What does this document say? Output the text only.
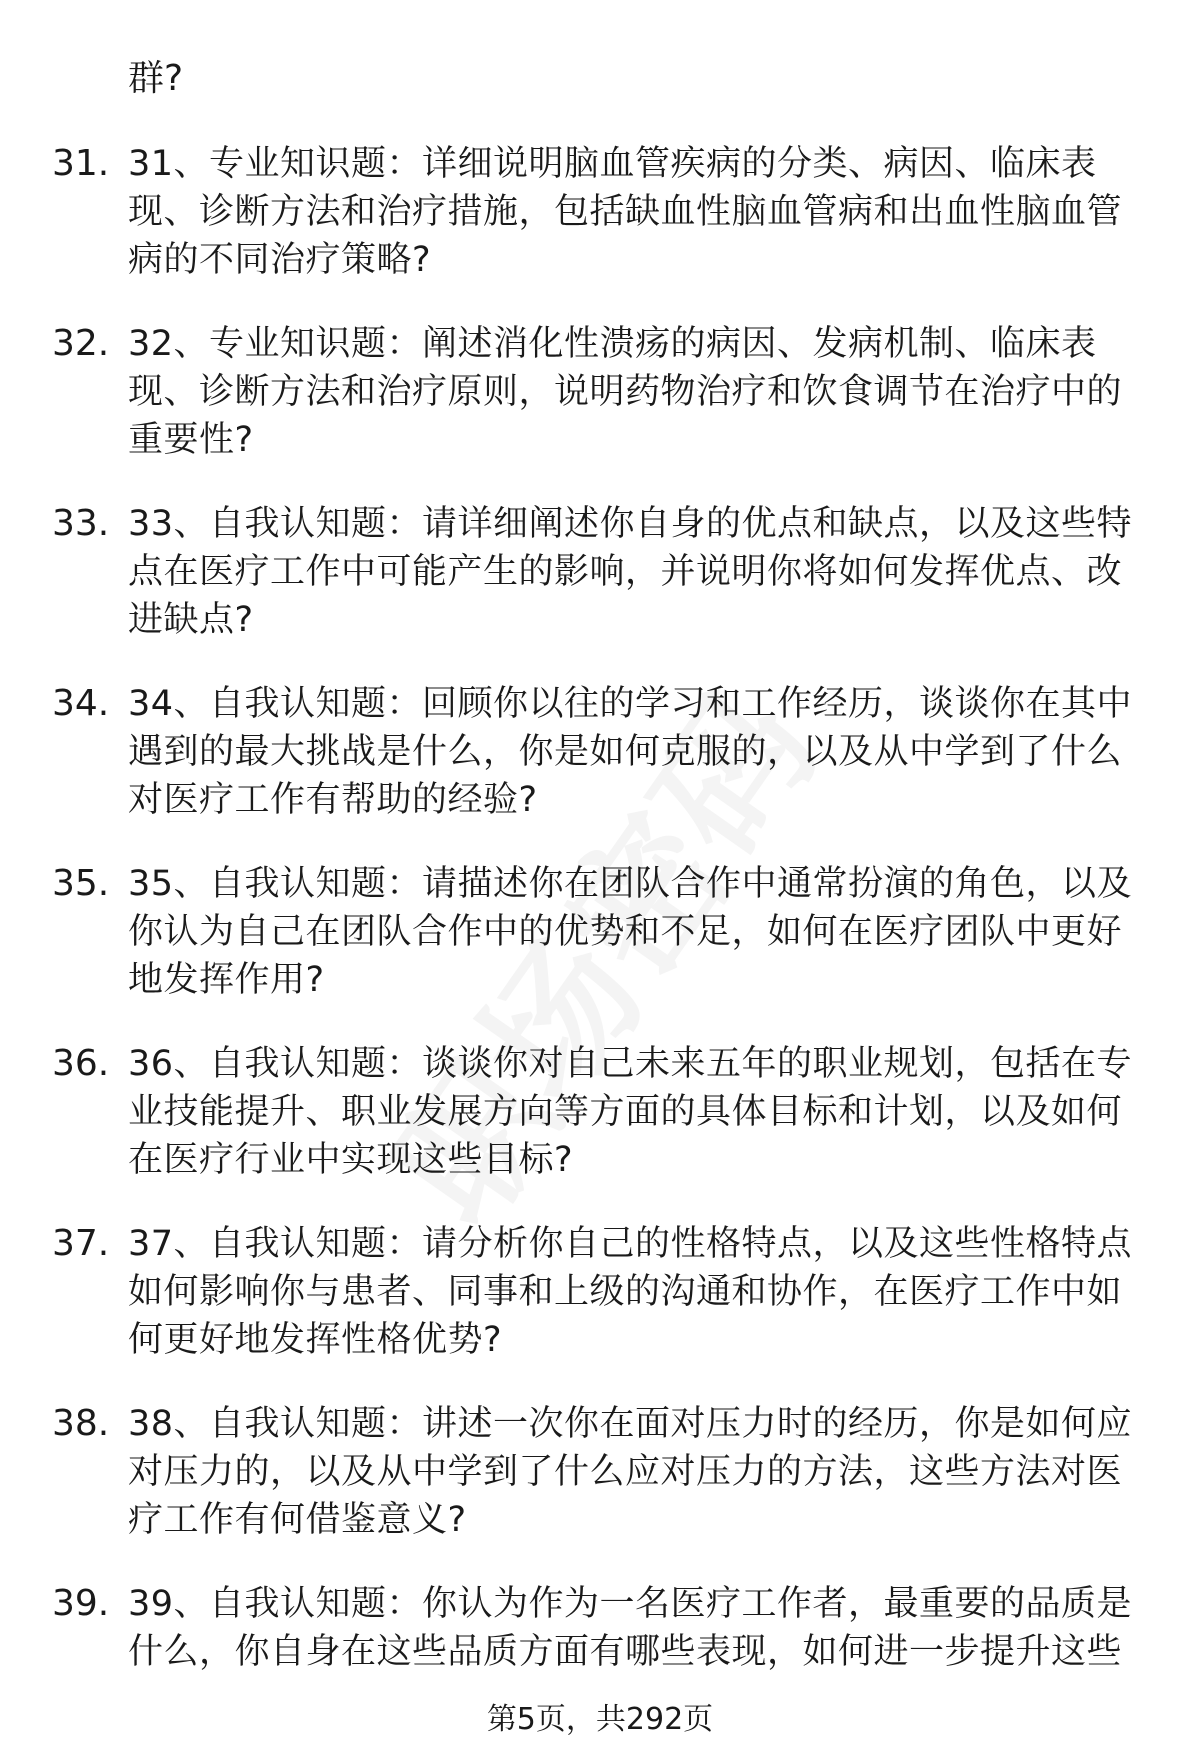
群?
31. 31、专业知识题：详细说明脑血管疾病的分类、病因、临床表现、诊断方法和治疗措施，包括缺血性脑血管病和出血性脑血管病的不同治疗策略?
32. 32、专业知识题：阐述消化性溃疡的病因、发病机制、临床表现、诊断方法和治疗原则，说明药物治疗和饮食调节在治疗中的重要性?
33. 33、自我认知题：请详细阐述你自身的优点和缺点，以及这些特点在医疗工作中可能产生的影响，并说明你将如何发挥优点、改进缺点?
34. 34、自我认知题：回顾你以往的学习和工作经历，谈谈你在其中遇到的最大挑战是什么，你是如何克服的，以及从中学到了什么对医疗工作有帮助的经验?
35. 35、自我认知题：请描述你在团队合作中通常扮演的角色，以及你认为自己在团队合作中的优势和不足，如何在医疗团队中更好地发挥作用?
36. 36、自我认知题：谈谈你对自己未来五年的职业规划，包括在专业技能提升、职业发展方向等方面的具体目标和计划，以及如何在医疗行业中实现这些目标?
37. 37、自我认知题：请分析你自己的性格特点，以及这些性格特点如何影响你与患者、同事和上级的沟通和协作，在医疗工作中如何更好地发挥性格优势?
38. 38、自我认知题：讲述一次你在面对压力时的经历，你是如何应对压力的，以及从中学到了什么应对压力的方法，这些方法对医疗工作有何借鉴意义?
39. 39、自我认知题：你认为作为一名医疗工作者，最重要的品质是什么，你自身在这些品质方面有哪些表现，如何进一步提升这些
第5页，共292页
